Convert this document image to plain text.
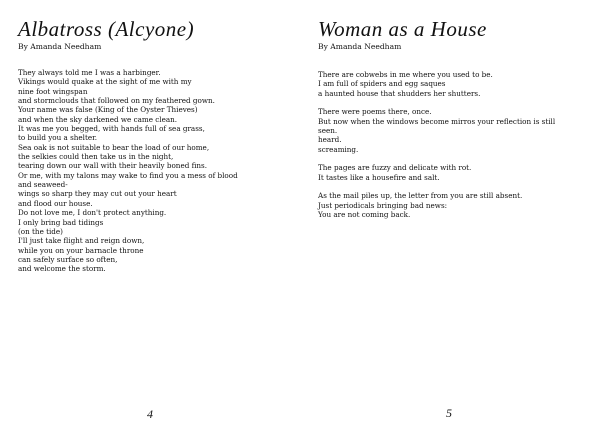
Albatross (Alcyone)
By Amanda Needham
They always told me I was a harbinger.
Vikings would quake at the sight of me with my
nine foot wingspan
and stormclouds that followed on my feathered gown.
Your name was false (King of the Oyster Thieves)
and when the sky darkened we came clean.
It was me you begged, with hands full of sea grass,
to build you a shelter.
Sea oak is not suitable to bear the load of our home,
the selkies could then take us in the night,
tearing down our wall with their heavily boned fins.
Or me, with my talons may wake to find you a mess of blood
and seaweed-
wings so sharp they may cut out your heart
and flood our house.
Do not love me, I don't protect anything.
I only bring bad tidings
(on the tide)
I'll just take flight and reign down,
while you on your barnacle throne
can safely surface so often,
and welcome the storm.
4
Woman as a House
By Amanda Needham
There are cobwebs in me where you used to be.
I am full of spiders and egg saques
a haunted house that shudders her shutters.
There were poems there, once.
But now when the windows become mirros your reflection is still
seen.
heard.
screaming.
The pages are fuzzy and delicate with rot.
It tastes like a housefire and salt.
As the mail piles up, the letter from you are still absent.
Just periodicals bringing bad news:
You are not coming back.
5
